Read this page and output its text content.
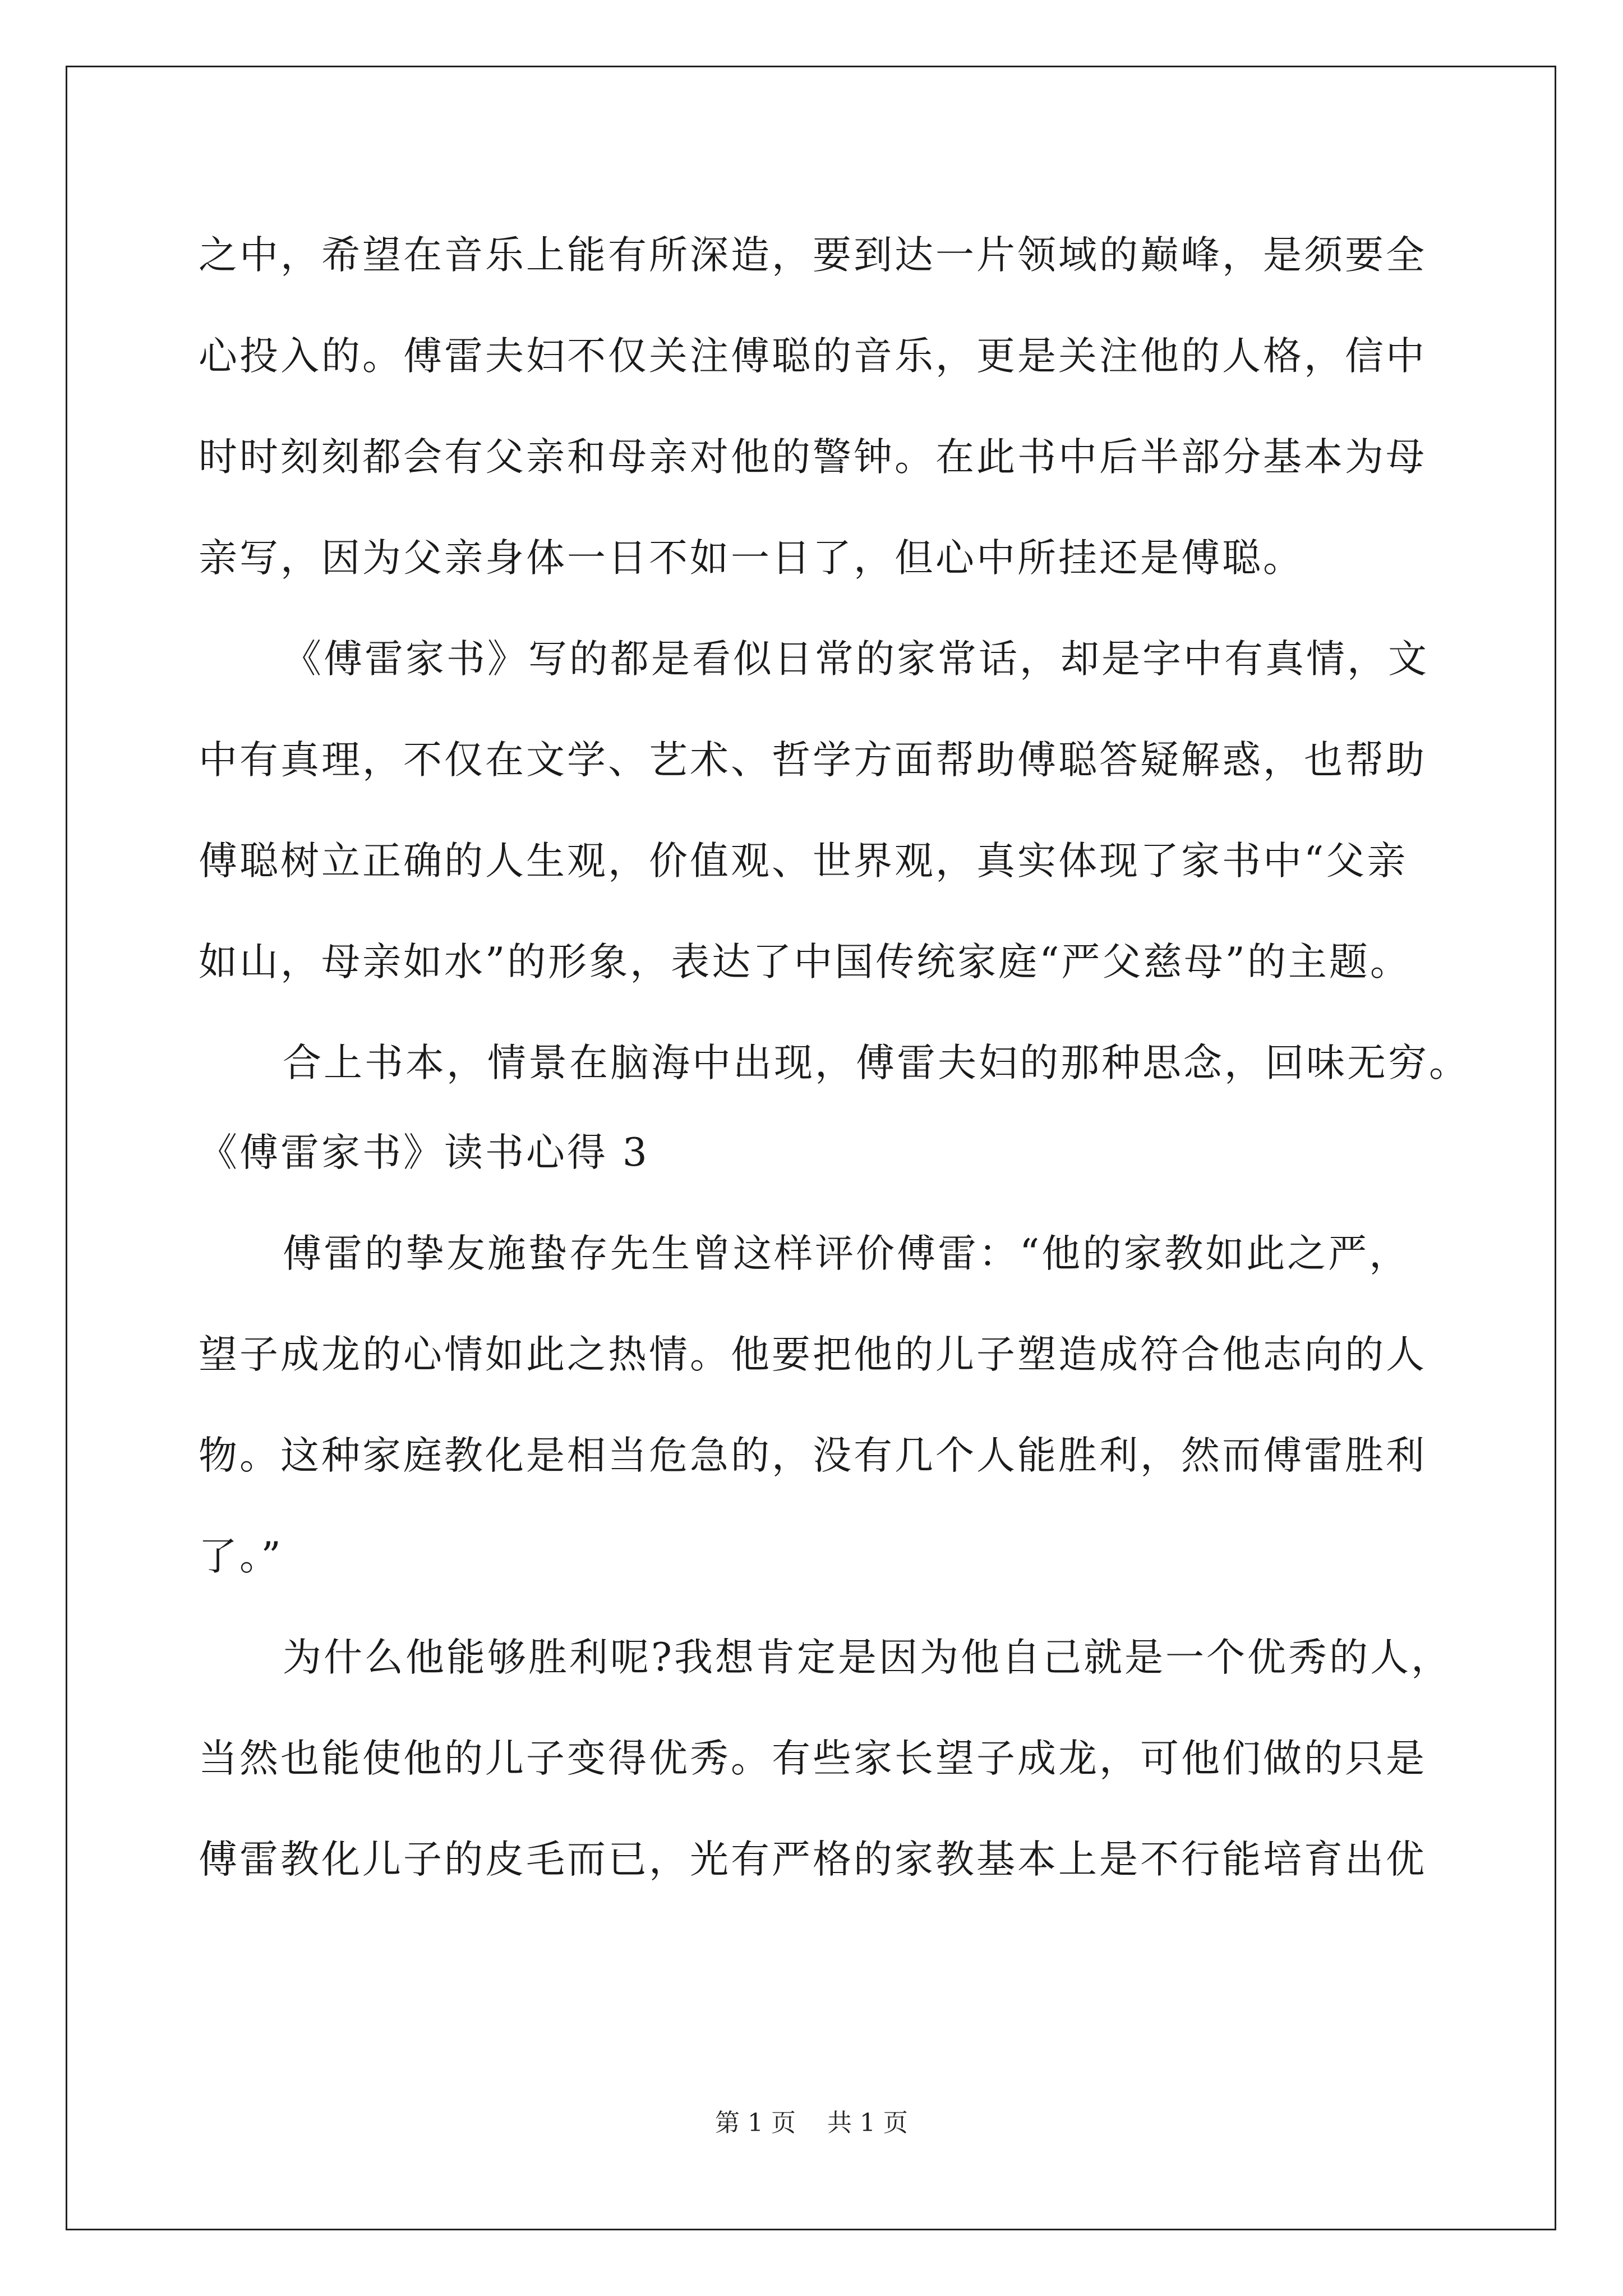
之中，希望在音乐上能有所深造，要到达一片领域的巅峰，是须要全
心投入的。傅雷夫妇不仅关注傅聪的音乐，更是关注他的人格，信中
时时刻刻都会有父亲和母亲对他的警钟。在此书中后半部分基本为母
亲写，因为父亲身体一日不如一日了，但心中所挂还是傅聪。
《傅雷家书》写的都是看似日常的家常话，却是字中有真情，文
中有真理，不仅在文学、艺术、哲学方面帮助傅聪答疑解惑，也帮助
傅聪树立正确的人生观，价值观、世界观，真实体现了家书中“父亲
如山，母亲如水”的形象，表达了中国传统家庭“严父慈母”的主题。
合上书本，情景在脑海中出现，傅雷夫妇的那种思念，回味无穷。
《傅雷家书》读书心得 3
傅雷的挚友施蛰存先生曾这样评价傅雷：“他的家教如此之严，
望子成龙的心情如此之热情。他要把他的儿子塑造成符合他志向的人
物。这种家庭教化是相当危急的，没有几个人能胜利，然而傅雷胜利
了。”
为什么他能够胜利呢?我想肯定是因为他自己就是一个优秀的人，
当然也能使他的儿子变得优秀。有些家长望子成龙，可他们做的只是
傅雷教化儿子的皮毛而已，光有严格的家教基本上是不行能培育出优
第 1 页    共 1 页
